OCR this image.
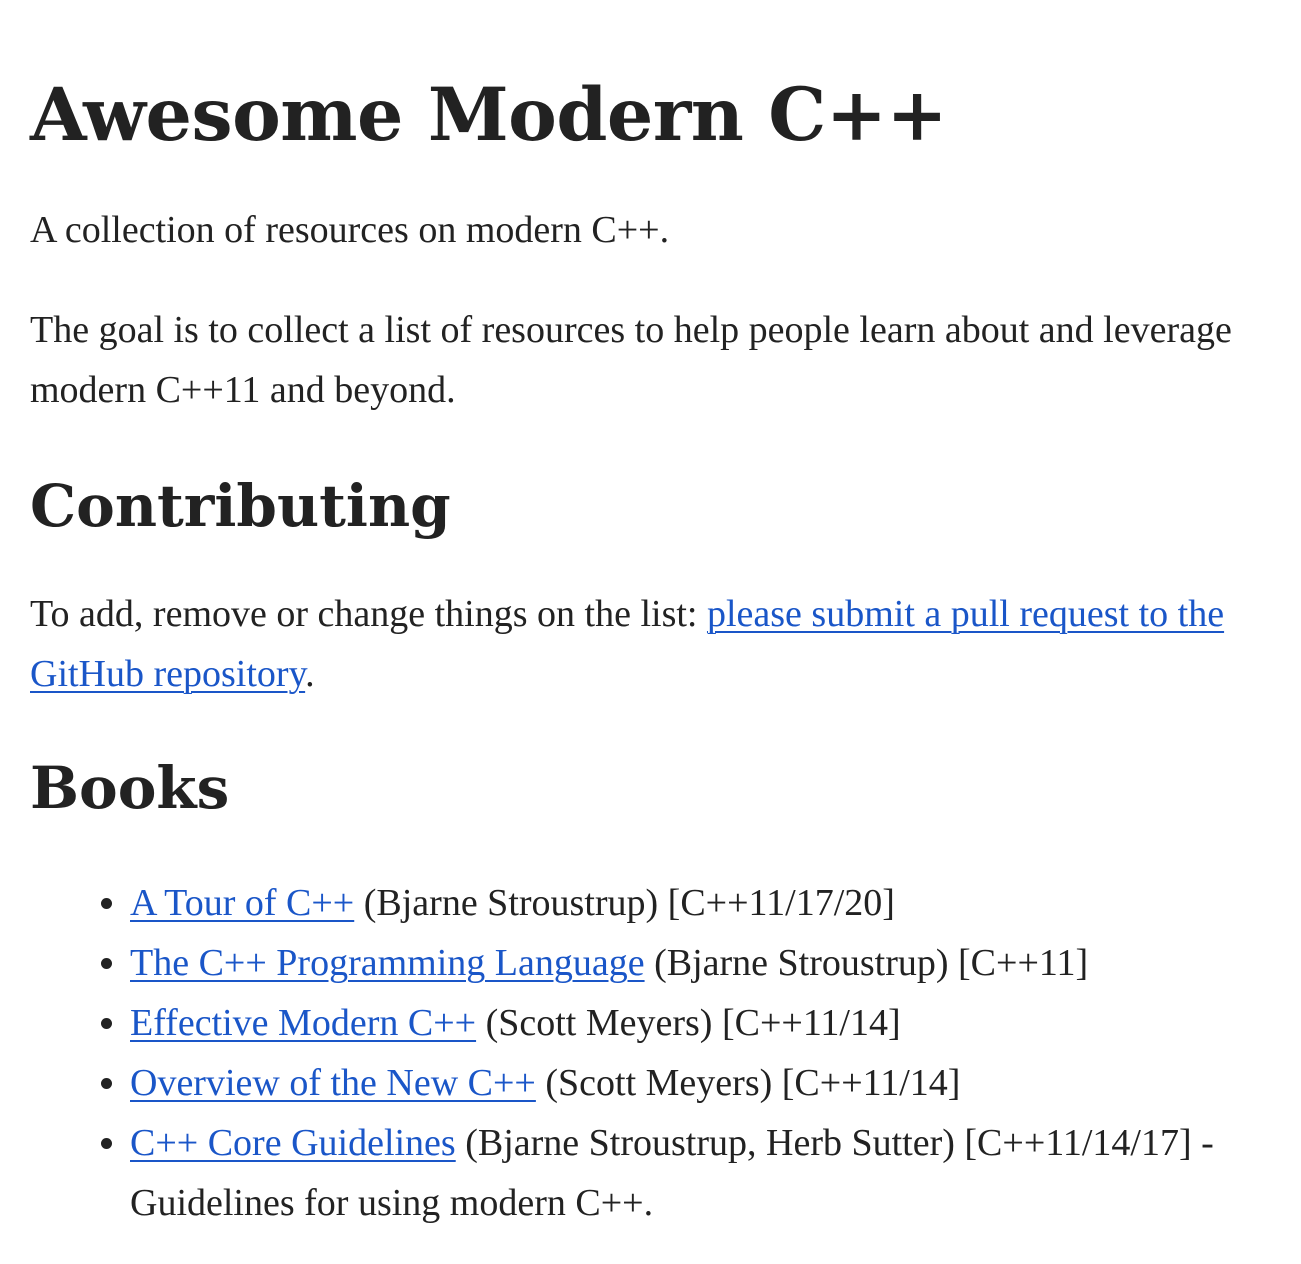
Awesome Modern C++

A collection of resources on modern C++.

The goal is to collect a list of resources to help people learn about and leverage modern C++11 and beyond.

Contributing

To add, remove or change things on the list: please submit a pull request to the GitHub repository.

Books
• A Tour of C++ (Bjarne Stroustrup) [C++11/17/20]
• The C++ Programming Language (Bjarne Stroustrup) [C++11]
• Effective Modern C++ (Scott Meyers) [C++11/14]
• Overview of the New C++ (Scott Meyers) [C++11/14]
• C++ Core Guidelines (Bjarne Stroustrup, Herb Sutter) [C++11/14/17] - Guidelines for using modern C++.
